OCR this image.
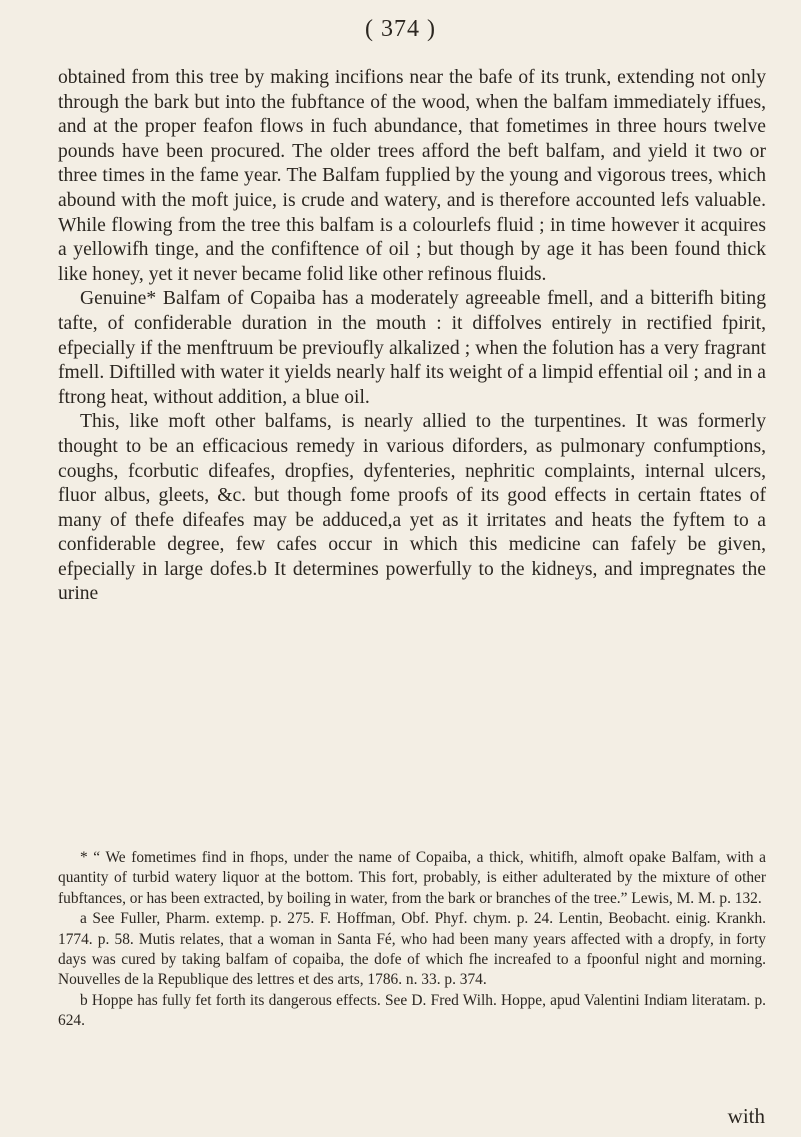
( 374 )

obtained from this tree by making incifions near the bafe of its trunk, extending not only through the bark but into the fubftance of the wood, when the balfam immediately iffues, and at the proper feafon flows in fuch abundance, that fometimes in three hours twelve pounds have been procured. The older trees afford the beft balfam, and yield it two or three times in the fame year. The Balfam fupplied by the young and vigorous trees, which abound with the moft juice, is crude and watery, and is therefore accounted lefs valuable. While flowing from the tree this balfam is a colourlefs fluid ; in time however it acquires a yellowifh tinge, and the confiftence of oil ; but though by age it has been found thick like honey, yet it never became folid like other refinous fluids.

Genuine* Balfam of Copaiba has a moderately agreeable fmell, and a bitterifh biting tafte, of confiderable duration in the mouth : it diffolves entirely in rectified fpirit, efpecially if the menftruum be previoufly alkalized ; when the folution has a very fragrant fmell. Diftilled with water it yields nearly half its weight of a limpid effential oil ; and in a ftrong heat, without addition, a blue oil.

This, like moft other balfams, is nearly allied to the turpentines. It was formerly thought to be an efficacious remedy in various diforders, as pulmonary confumptions, coughs, fcorbutic difeafes, dropfies, dyfenteries, nephritic complaints, internal ulcers, fluor albus, gleets, &c. but though fome proofs of its good effects in certain ftates of many of thefe difeafes may be adduced,a yet as it irritates and heats the fyftem to a confiderable degree, few cafes occur in which this medicine can fafely be given, efpecially in large dofes.b It determines powerfully to the kidneys, and impregnates the urine

* “ We fometimes find in fhops, under the name of Copaiba, a thick, whitifh, almoft opake Balfam, with a quantity of turbid watery liquor at the bottom. This fort, probably, is either adulterated by the mixture of other fubftances, or has been extracted, by boiling in water, from the bark or branches of the tree.” Lewis, M. M. p. 132.

a See Fuller, Pharm. extemp. p. 275. F. Hoffman, Obf. Phyf. chym. p. 24. Lentin, Beobacht. einig. Krankh. 1774. p. 58. Mutis relates, that a woman in Santa Fé, who had been many years affected with a dropfy, in forty days was cured by taking balfam of copaiba, the dofe of which fhe increafed to a fpoonful night and morning. Nouvelles de la Republique des lettres et des arts, 1786. n. 33. p. 374.

b Hoppe has fully fet forth its dangerous effects. See D. Fred Wilh. Hoppe, apud Valentini Indiam literatam. p. 624.

with
